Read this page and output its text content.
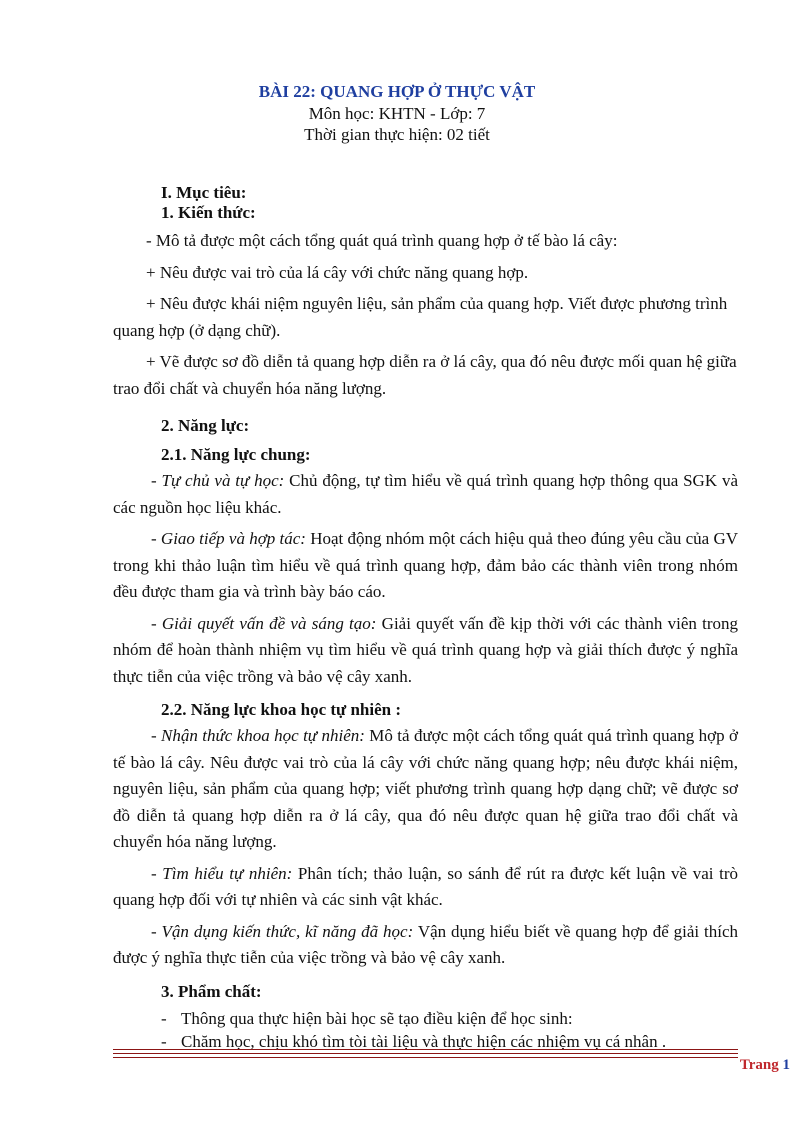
BÀI 22: QUANG HỢP Ở THỰC VẬT
Môn học: KHTN - Lớp: 7
Thời gian thực hiện: 02 tiết
I. Mục tiêu:
1. Kiến thức:

- Mô tả được một cách tổng quát quá trình quang hợp ở tế bào lá cây:

+ Nêu được vai trò của lá cây với chức năng quang hợp.

+ Nêu được khái niệm nguyên liệu, sản phẩm của quang hợp. Viết được phương trình quang hợp (ở dạng chữ).

+ Vẽ được sơ đồ diễn tả quang hợp diễn ra ở lá cây, qua đó nêu được mối quan hệ giữa trao đổi chất và chuyển hóa năng lượng.

2. Năng lực:
2.1. Năng lực chung:

- Tự chủ và tự học: Chủ động, tự tìm hiểu về quá trình quang hợp thông qua SGK và các nguồn học liệu khác.

- Giao tiếp và hợp tác: Hoạt động nhóm một cách hiệu quả theo đúng yêu cầu của GV trong khi thảo luận tìm hiểu về quá trình quang hợp, đảm bảo các thành viên trong nhóm đều được tham gia và trình bày báo cáo.

- Giải quyết vấn đề và sáng tạo: Giải quyết vấn đề kịp thời với các thành viên trong nhóm để hoàn thành nhiệm vụ tìm hiểu về quá trình quang hợp và giải thích được ý nghĩa thực tiễn của việc trồng và bảo vệ cây xanh.

2.2. Năng lực khoa học tự nhiên :

- Nhận thức khoa học tự nhiên: Mô tả được một cách tổng quát quá trình quang hợp ở tế bào lá cây. Nêu được vai trò của lá cây với chức năng quang hợp; nêu được khái niệm, nguyên liệu, sản phẩm của quang hợp; viết phương trình quang hợp dạng chữ; vẽ được sơ đồ diễn tả quang hợp diễn ra ở lá cây, qua đó nêu được quan hệ giữa trao đổi chất và chuyển hóa năng lượng.

- Tìm hiểu tự nhiên: Phân tích; thảo luận, so sánh để rút ra được kết luận về vai trò quang hợp đối với tự nhiên và các sinh vật khác.

- Vận dụng kiến thức, kĩ năng đã học: Vận dụng hiểu biết về quang hợp để giải thích được ý nghĩa thực tiễn của việc trồng và bảo vệ cây xanh.

3. Phẩm chất:
- Thông qua thực hiện bài học sẽ tạo điều kiện để học sinh:
- Chăm học, chịu khó tìm tòi tài liệu và thực hiện các nhiệm vụ cá nhân .
Trang 1
